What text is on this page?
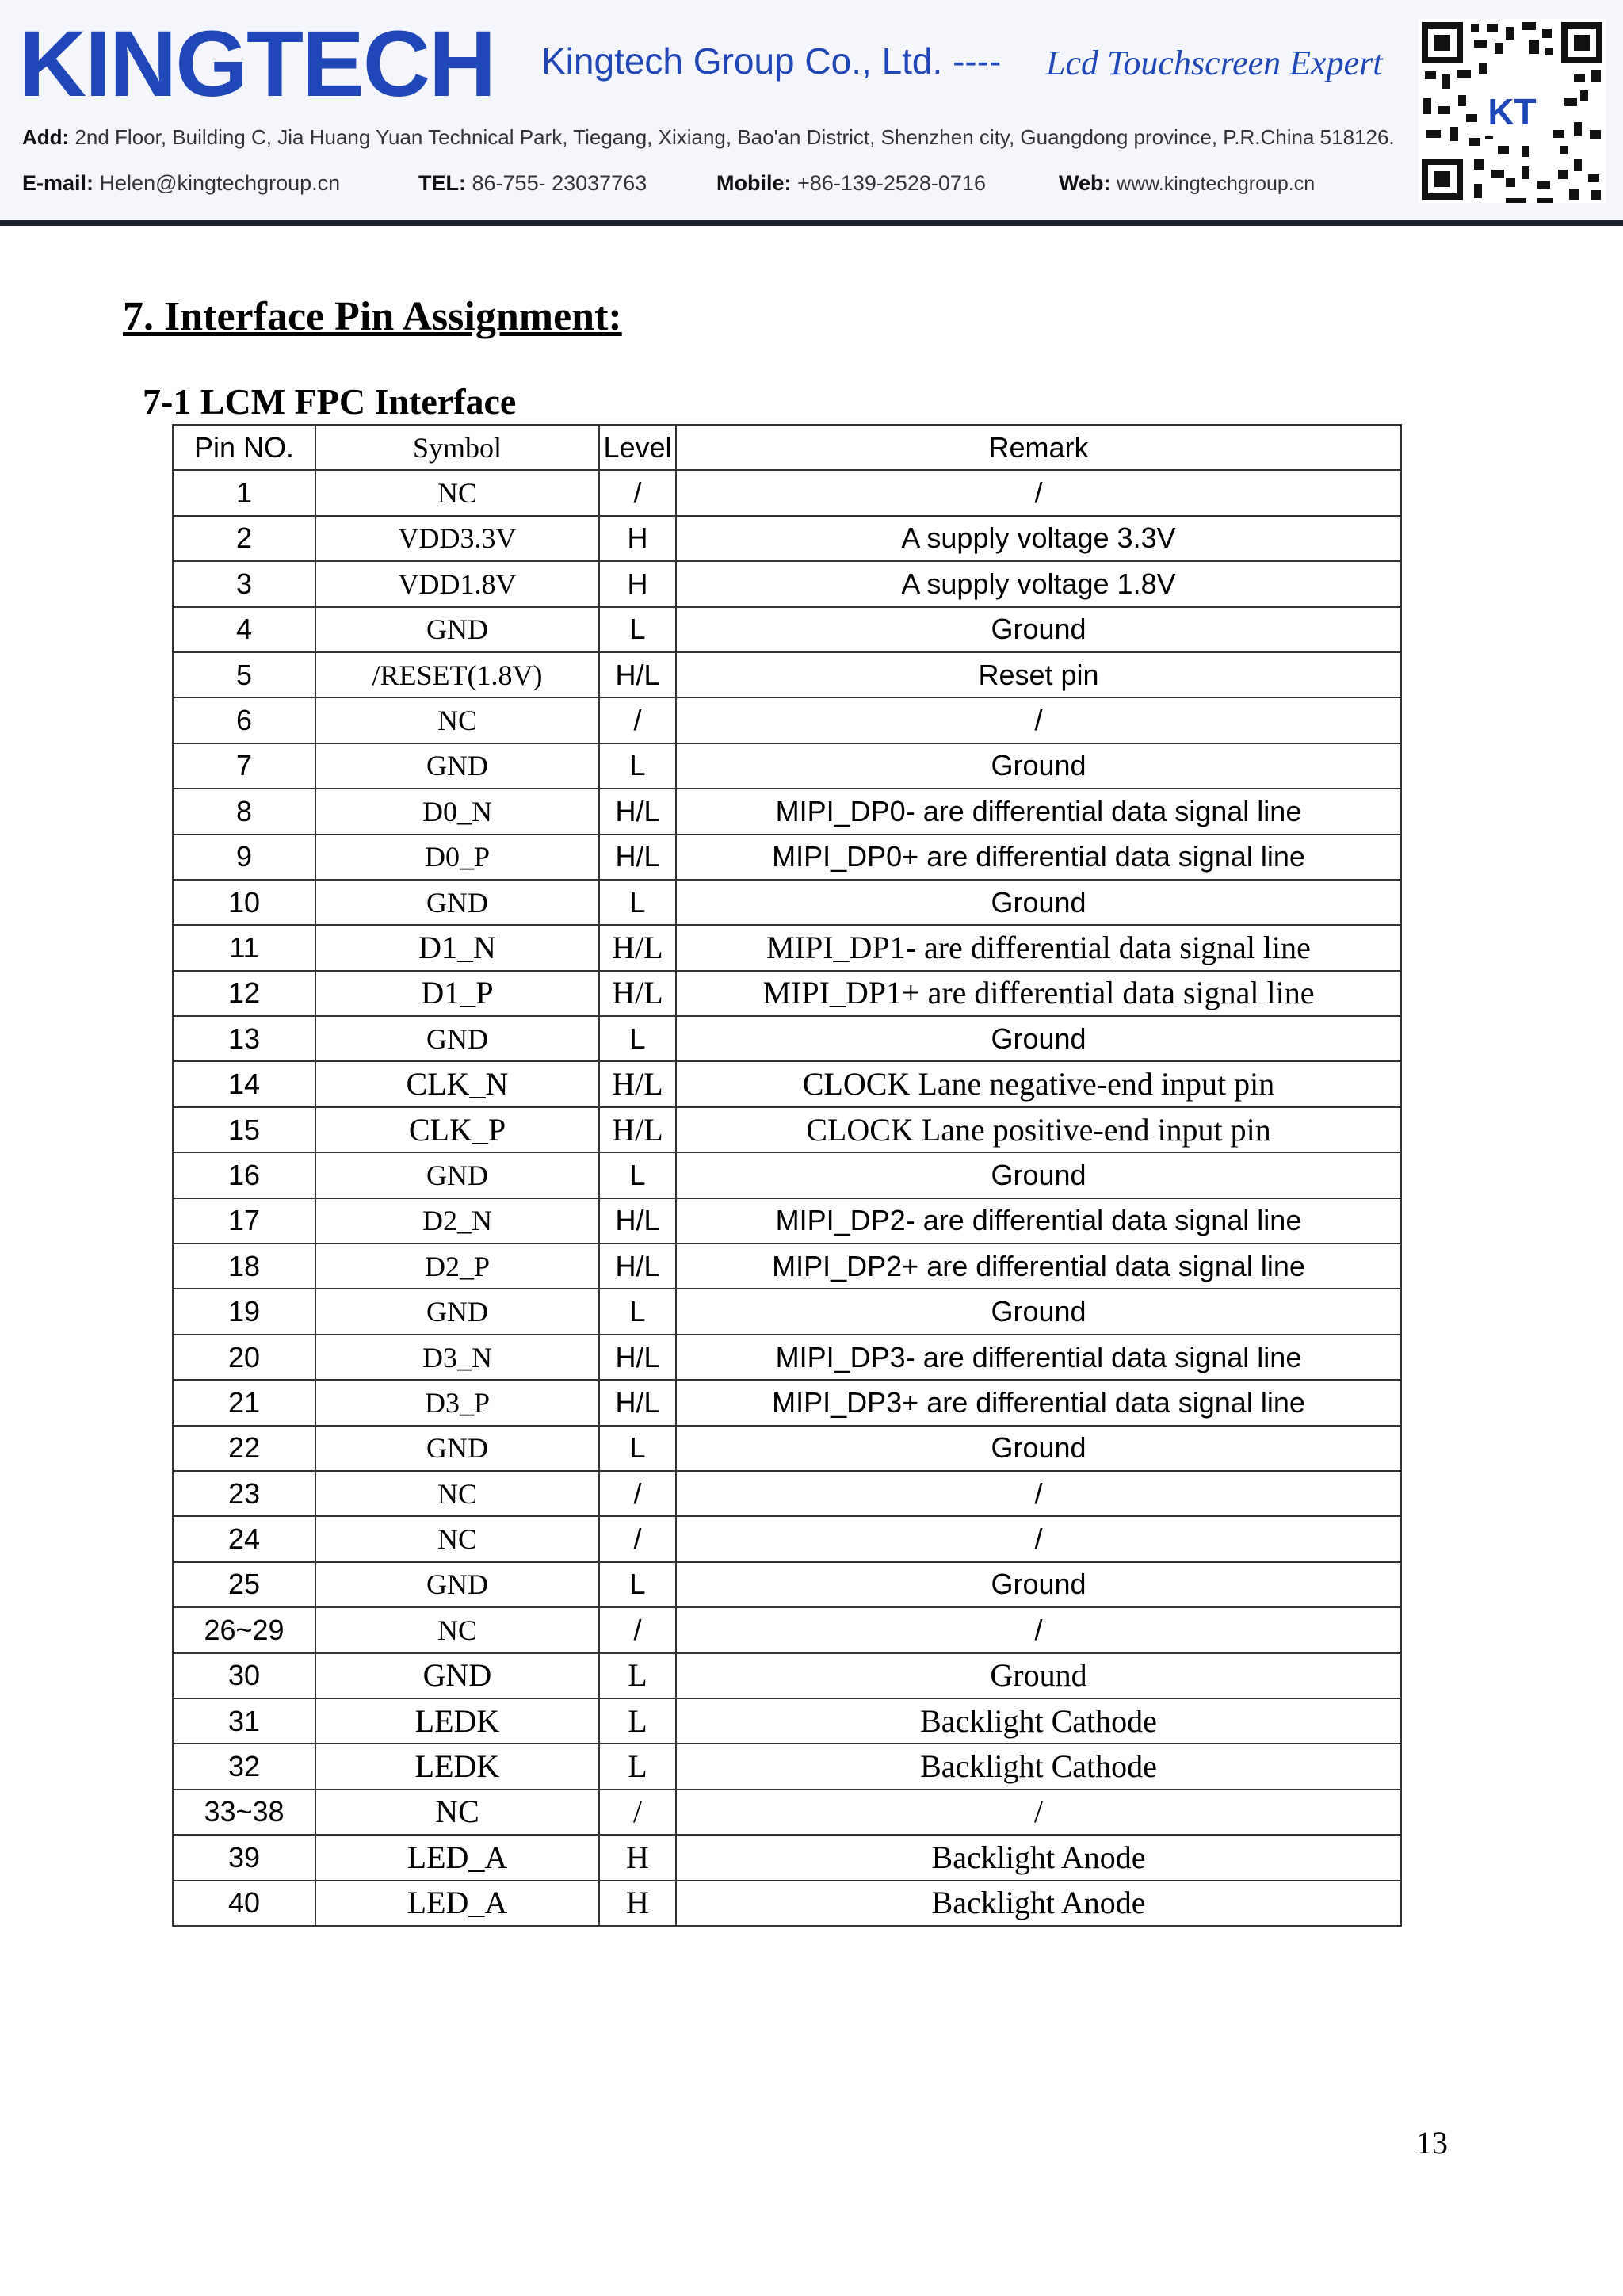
KINGTECH Kingtech Group Co., Ltd. ---- Lcd Touchscreen Expert
Add: 2nd Floor, Building C, Jia Huang Yuan Technical Park, Tiegang, Xixiang, Bao'an District, Shenzhen city, Guangdong province, P.R.China 518126.
E-mail: Helen@kingtechgroup.cn	TEL: 86-755- 23037763	Mobile: +86-139-2528-0716	Web: www.kingtechgroup.cn
KT
7. Interface Pin Assignment:
7-1 LCM FPC Interface
Pin NO.	Symbol	Level	Remark
1	NC	/	/
2	VDD3.3V	H	A supply voltage 3.3V
3	VDD1.8V	H	A supply voltage 1.8V
4	GND	L	Ground
5	/RESET(1.8V)	H/L	Reset pin
6	NC	/	/
7	GND	L	Ground
8	D0_N	H/L	MIPI_DP0- are differential data signal line
9	D0_P	H/L	MIPI_DP0+ are differential data signal line
10	GND	L	Ground
11	D1_N	H/L	MIPI_DP1- are differential data signal line
12	D1_P	H/L	MIPI_DP1+ are differential data signal line
13	GND	L	Ground
14	CLK_N	H/L	CLOCK Lane negative-end input pin
15	CLK_P	H/L	CLOCK Lane positive-end input pin
16	GND	L	Ground
17	D2_N	H/L	MIPI_DP2- are differential data signal line
18	D2_P	H/L	MIPI_DP2+ are differential data signal line
19	GND	L	Ground
20	D3_N	H/L	MIPI_DP3- are differential data signal line
21	D3_P	H/L	MIPI_DP3+ are differential data signal line
22	GND	L	Ground
23	NC	/	/
24	NC	/	/
25	GND	L	Ground
26~29	NC	/	/
30	GND	L	Ground
31	LEDK	L	Backlight Cathode
32	LEDK	L	Backlight Cathode
33~38	NC	/	/
39	LED_A	H	Backlight Anode
40	LED_A	H	Backlight Anode
13
